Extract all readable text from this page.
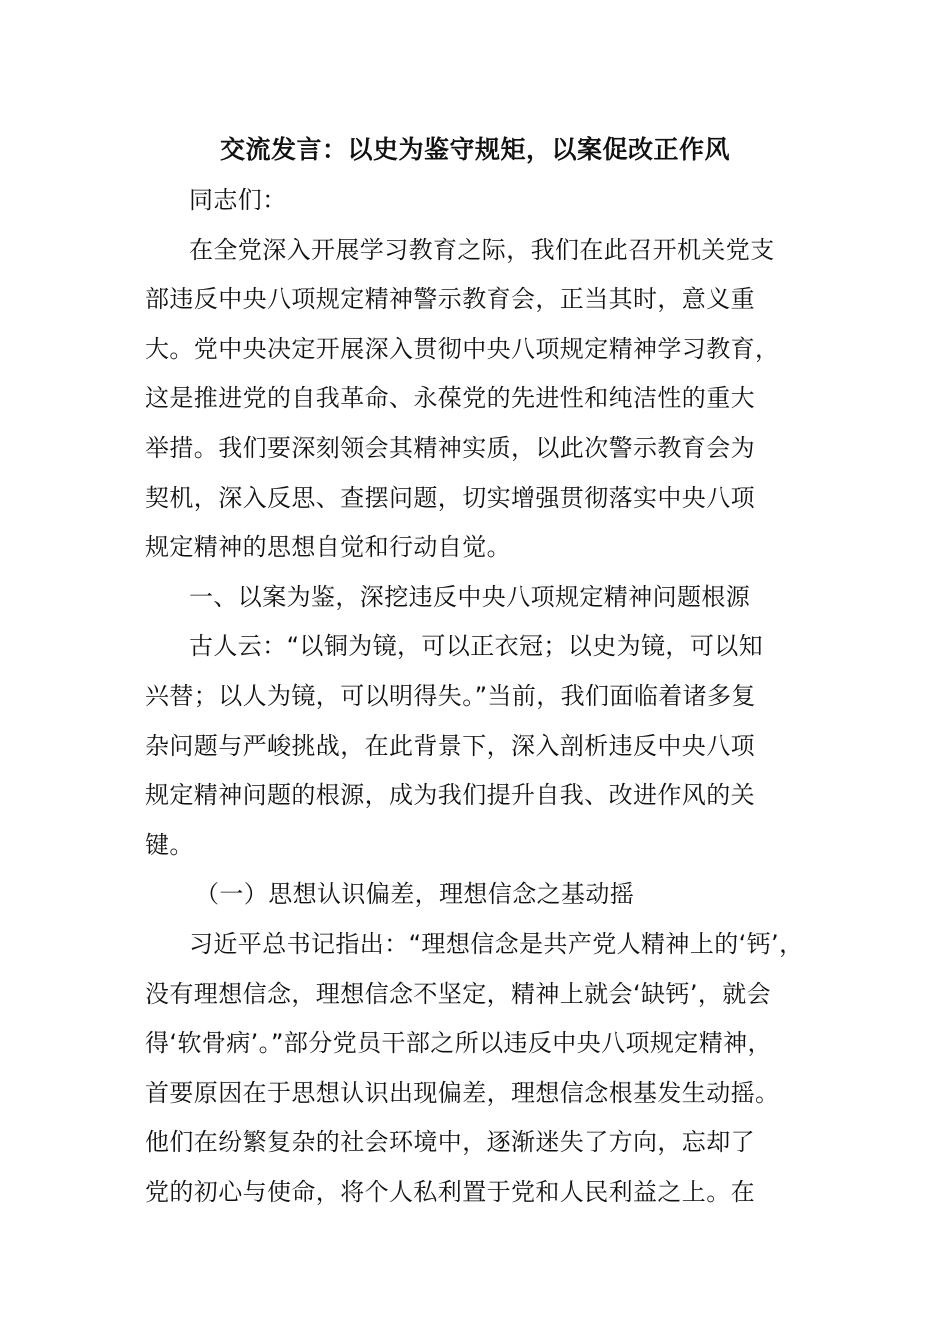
交流发言：以史为鉴守规矩，以案促改正作风
同志们：
在全党深入开展学习教育之际，我们在此召开机关党支
部违反中央八项规定精神警示教育会，正当其时，意义重
大。党中央决定开展深入贯彻中央八项规定精神学习教育，
这是推进党的自我革命、永葆党的先进性和纯洁性的重大
举措。我们要深刻领会其精神实质，以此次警示教育会为
契机，深入反思、查摆问题，切实增强贯彻落实中央八项
规定精神的思想自觉和行动自觉。
一、以案为鉴，深挖违反中央八项规定精神问题根源
古人云：“以铜为镜，可以正衣冠；以史为镜，可以知
兴替；以人为镜，可以明得失。”当前，我们面临着诸多复
杂问题与严峻挑战，在此背景下，深入剖析违反中央八项
规定精神问题的根源，成为我们提升自我、改进作风的关
键。
（一）思想认识偏差，理想信念之基动摇
习近平总书记指出：“理想信念是共产党人精神上的‘钙’，
没有理想信念，理想信念不坚定，精神上就会‘缺钙’，就会
得‘软骨病’。”部分党员干部之所以违反中央八项规定精神，
首要原因在于思想认识出现偏差，理想信念根基发生动摇。
他们在纷繁复杂的社会环境中，逐渐迷失了方向，忘却了
党的初心与使命，将个人私利置于党和人民利益之上。在
